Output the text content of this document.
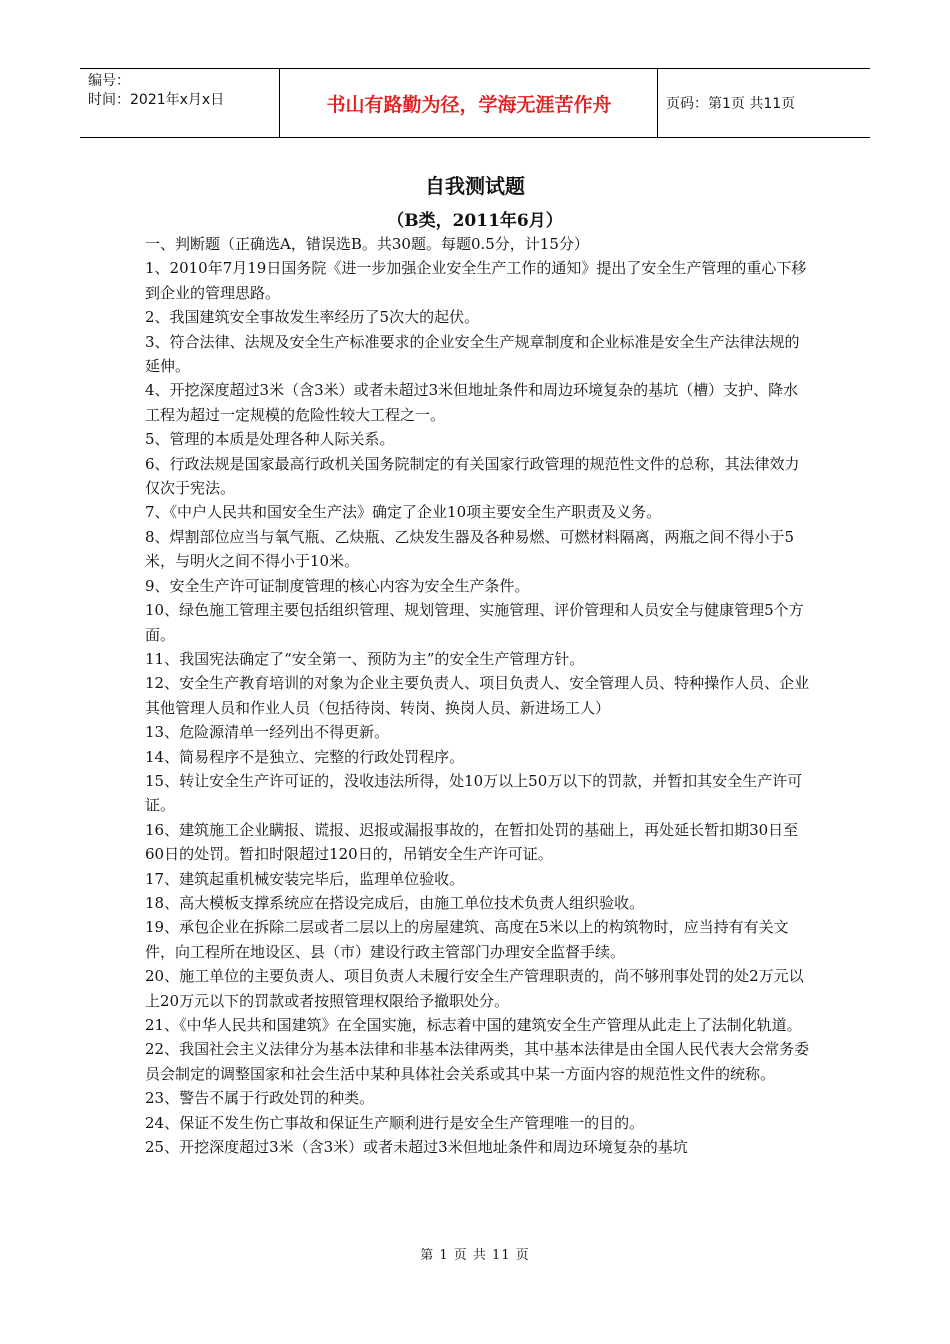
编号：
时间：2021年x月x日	书山有路勤为径，学海无涯苦作舟	页码：第1页 共11页
自我测试题
（B类，2011年6月）

一、判断题（正确选A，错误选B。共30题。每题0.5分，计15分）

1、2010年7月19日国务院《进一步加强企业安全生产工作的通知》提出了安全生产管理的重心下移到企业的管理思路。

2、我国建筑安全事故发生率经历了5次大的起伏。

3、符合法律、法规及安全生产标准要求的企业安全生产规章制度和企业标准是安全生产法律法规的延伸。

4、开挖深度超过3米（含3米）或者未超过3米但地址条件和周边环境复杂的基坑（槽）支护、降水工程为超过一定规模的危险性较大工程之一。

5、管理的本质是处理各种人际关系。

6、行政法规是国家最高行政机关国务院制定的有关国家行政管理的规范性文件的总称，其法律效力仅次于宪法。

7、《中户人民共和国安全生产法》确定了企业10项主要安全生产职责及义务。

8、焊割部位应当与氧气瓶、乙炔瓶、乙炔发生器及各种易燃、可燃材料隔离，两瓶之间不得小于5米，与明火之间不得小于10米。

9、安全生产许可证制度管理的核心内容为安全生产条件。

10、绿色施工管理主要包括组织管理、规划管理、实施管理、评价管理和人员安全与健康管理5个方面。

11、我国宪法确定了“安全第一、预防为主”的安全生产管理方针。

12、安全生产教育培训的对象为企业主要负责人、项目负责人、安全管理人员、特种操作人员、企业其他管理人员和作业人员（包括待岗、转岗、换岗人员、新进场工人）

13、危险源清单一经列出不得更新。

14、简易程序不是独立、完整的行政处罚程序。

15、转让安全生产许可证的，没收违法所得，处10万以上50万以下的罚款，并暂扣其安全生产许可证。

16、建筑施工企业瞒报、谎报、迟报或漏报事故的，在暂扣处罚的基础上，再处延长暂扣期30日至60日的处罚。暂扣时限超过120日的，吊销安全生产许可证。

17、建筑起重机械安装完毕后，监理单位验收。

18、高大模板支撑系统应在搭设完成后，由施工单位技术负责人组织验收。

19、承包企业在拆除二层或者二层以上的房屋建筑、高度在5米以上的构筑物时，应当持有有关文件，向工程所在地设区、县（市）建设行政主管部门办理安全监督手续。

20、施工单位的主要负责人、项目负责人未履行安全生产管理职责的，尚不够刑事处罚的处2万元以上20万元以下的罚款或者按照管理权限给予撤职处分。

21、《中华人民共和国建筑》在全国实施，标志着中国的建筑安全生产管理从此走上了法制化轨道。

22、我国社会主义法律分为基本法律和非基本法律两类，其中基本法律是由全国人民代表大会常务委员会制定的调整国家和社会生活中某种具体社会关系或其中某一方面内容的规范性文件的统称。

23、警告不属于行政处罚的种类。

24、保证不发生伤亡事故和保证生产顺利进行是安全生产管理唯一的目的。

25、开挖深度超过3米（含3米）或者未超过3米但地址条件和周边环境复杂的基坑

第 1 页 共 11 页
